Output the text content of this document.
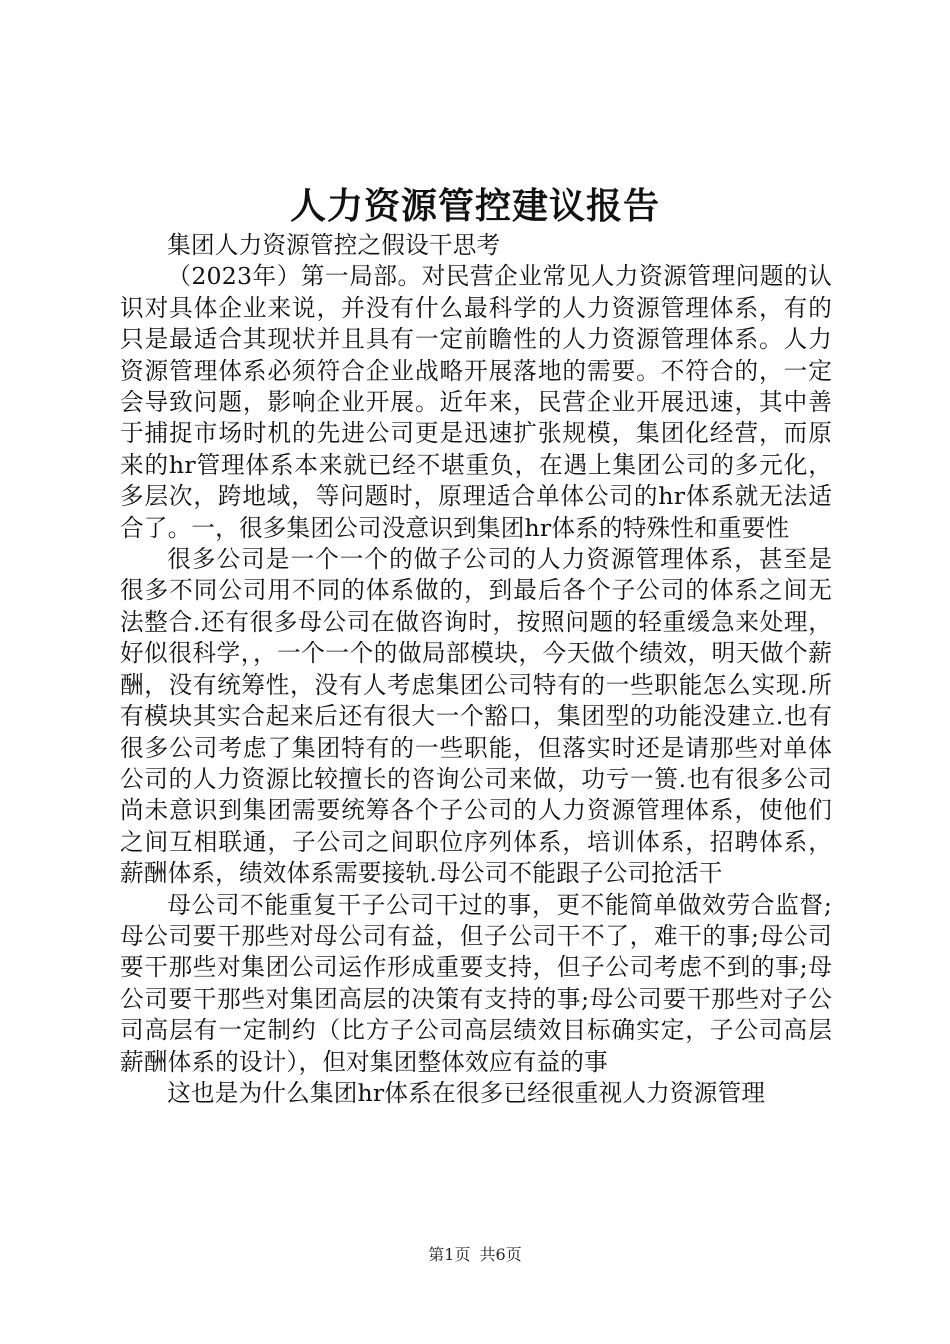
人力资源管控建议报告

集团人力资源管控之假设干思考

（2023年）第一局部。对民营企业常见人力资源管理问题的认识对具体企业来说，并没有什么最科学的人力资源管理体系，有的只是最适合其现状并且具有一定前瞻性的人力资源管理体系。人力资源管理体系必须符合企业战略开展落地的需要。不符合的，一定会导致问题，影响企业开展。近年来，民营企业开展迅速，其中善于捕捉市场时机的先进公司更是迅速扩张规模，集团化经营，而原来的hr管理体系本来就已经不堪重负，在遇上集团公司的多元化，多层次，跨地域，等问题时，原理适合单体公司的hr体系就无法适合了。一，很多集团公司没意识到集团hr体系的特殊性和重要性

很多公司是一个一个的做子公司的人力资源管理体系，甚至是很多不同公司用不同的体系做的，到最后各个子公司的体系之间无法整合.还有很多母公司在做咨询时，按照问题的轻重缓急来处理，好似很科学，，一个一个的做局部模块，今天做个绩效，明天做个薪酬，没有统筹性，没有人考虑集团公司特有的一些职能怎么实现.所有模块其实合起来后还有很大一个豁口，集团型的功能没建立.也有很多公司考虑了集团特有的一些职能，但落实时还是请那些对单体公司的人力资源比较擅长的咨询公司来做，功亏一篑.也有很多公司尚未意识到集团需要统筹各个子公司的人力资源管理体系，使他们之间互相联通，子公司之间职位序列体系，培训体系，招聘体系，薪酬体系，绩效体系需要接轨.母公司不能跟子公司抢活干

母公司不能重复干子公司干过的事，更不能简单做效劳合监督;母公司要干那些对母公司有益，但子公司干不了，难干的事;母公司要干那些对集团公司运作形成重要支持，但子公司考虑不到的事;母公司要干那些对集团高层的决策有支持的事;母公司要干那些对子公司高层有一定制约（比方子公司高层绩效目标确实定，子公司高层薪酬体系的设计），但对集团整体效应有益的事

这也是为什么集团hr体系在很多已经很重视人力资源管理

第1页 共6页
